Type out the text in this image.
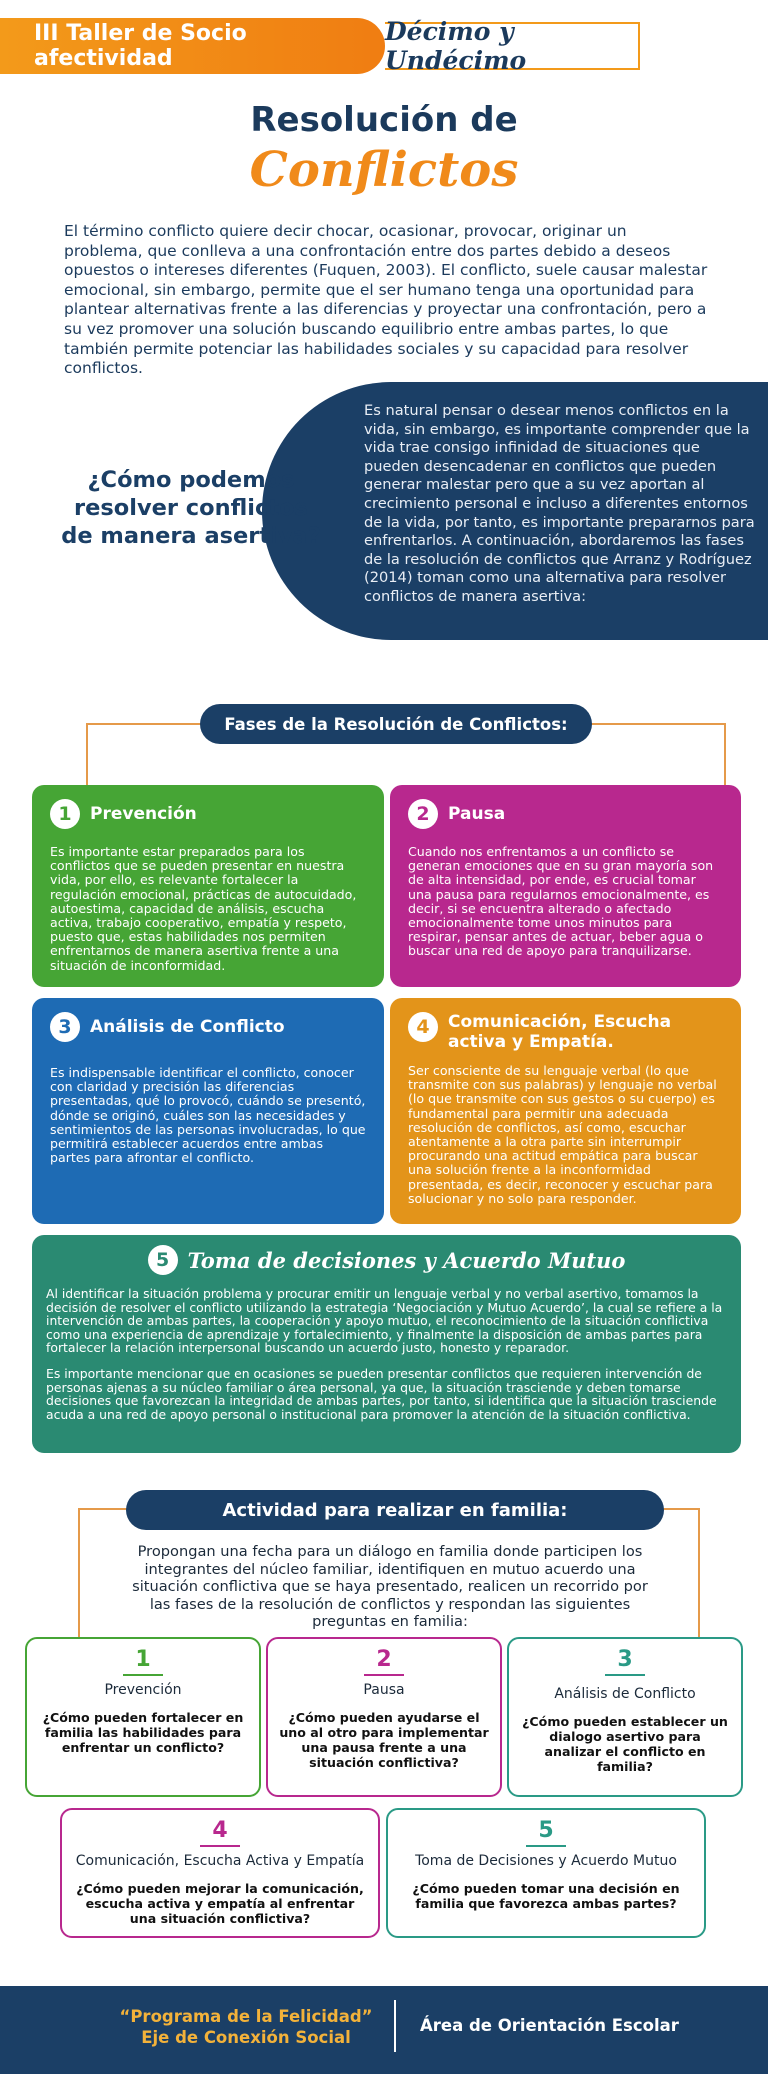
III Taller de Socio afectividad
Décimo y Undécimo
Resolución de
Conflictos

El término conflicto quiere decir chocar, ocasionar, provocar, originar un problema, que conlleva a una confrontación entre dos partes debido a deseos opuestos o intereses diferentes (Fuquen, 2003). El conflicto, suele causar malestar emocional, sin embargo, permite que el ser humano tenga una oportunidad para plantear alternativas frente a las diferencias y proyectar una confrontación, pero a su vez promover una solución buscando equilibrio entre ambas partes, lo que también permite potenciar las habilidades sociales y su capacidad para resolver conflictos.

¿Cómo podemos resolver conflictos de manera asertiva?

Es natural pensar o desear menos conflictos en la vida, sin embargo, es importante comprender que la vida trae consigo infinidad de situaciones que pueden desencadenar en conflictos que pueden generar malestar pero que a su vez aportan al crecimiento personal e incluso a diferentes entornos de la vida, por tanto, es importante prepararnos para enfrentarlos. A continuación, abordaremos las fases de la resolución de conflictos que Arranz y Rodríguez (2014) toman como una alternativa para resolver conflictos de manera asertiva:

Fases de la Resolución de Conflictos:
1	Prevención

Es importante estar preparados para los conflictos que se pueden presentar en nuestra vida, por ello, es relevante fortalecer la regulación emocional, prácticas de autocuidado, autoestima, capacidad de análisis, escucha activa, trabajo cooperativo, empatía y respeto, puesto que, estas habilidades nos permiten enfrentarnos de manera asertiva frente a una situación de inconformidad.

2	Pausa

Cuando nos enfrentamos a un conflicto se generan emociones que en su gran mayoría son de alta intensidad, por ende, es crucial tomar una pausa para regularnos emocionalmente, es decir, si se encuentra alterado o afectado emocionalmente tome unos minutos para respirar, pensar antes de actuar, beber agua o buscar una red de apoyo para tranquilizarse.

3	Análisis de Conflicto

Es indispensable identificar el conflicto, conocer con claridad y precisión las diferencias presentadas, qué lo provocó, cuándo se presentó, dónde se originó, cuáles son las necesidades y sentimientos de las personas involucradas, lo que permitirá establecer acuerdos entre ambas partes para afrontar el conflicto.

4	Comunicación, Escucha activa y Empatía.

Ser consciente de su lenguaje verbal (lo que transmite con sus palabras) y lenguaje no verbal (lo que transmite con sus gestos o su cuerpo) es fundamental para permitir una adecuada resolución de conflictos, así como, escuchar atentamente a la otra parte sin interrumpir procurando una actitud empática para buscar una solución frente a la inconformidad presentada, es decir, reconocer y escuchar para solucionar y no solo para responder.

5 Toma de decisiones y Acuerdo Mutuo

Al identificar la situación problema y procurar emitir un lenguaje verbal y no verbal asertivo, tomamos la decisión de resolver el conflicto utilizando la estrategia ‘Negociación y Mutuo Acuerdo’, la cual se refiere a la intervención de ambas partes, la cooperación y apoyo mutuo, el reconocimiento de la situación conflictiva como una experiencia de aprendizaje y fortalecimiento, y finalmente la disposición de ambas partes para fortalecer la relación interpersonal buscando un acuerdo justo, honesto y reparador.

Es importante mencionar que en ocasiones se pueden presentar conflictos que requieren intervención de personas ajenas a su núcleo familiar o área personal, ya que, la situación trasciende y deben tomarse decisiones que favorezcan la integridad de ambas partes, por tanto, si identifica que la situación trasciende acuda a una red de apoyo personal o institucional para promover la atención de la situación conflictiva.

Actividad para realizar en familia:

Propongan una fecha para un diálogo en familia donde participen los integrantes del núcleo familiar, identifiquen en mutuo acuerdo una situación conflictiva que se haya presentado, realicen un recorrido por las fases de la resolución de conflictos y respondan las siguientes preguntas en familia:

1
Prevención

¿Cómo pueden fortalecer en familia las habilidades para enfrentar un conflicto?

2
Pausa

¿Cómo pueden ayudarse el uno al otro para implementar una pausa frente a una situación conflictiva?

3
Análisis de Conflicto

¿Cómo pueden establecer un dialogo asertivo para analizar el conflicto en familia?

4
Comunicación, Escucha Activa y Empatía

¿Cómo pueden mejorar la comunicación, escucha activa y empatía al enfrentar una situación conflictiva?

5
Toma de Decisiones y Acuerdo Mutuo

¿Cómo pueden tomar una decisión en familia que favorezca ambas partes?

“Programa de la Felicidad”
Eje de Conexión Social
Área de Orientación Escolar
